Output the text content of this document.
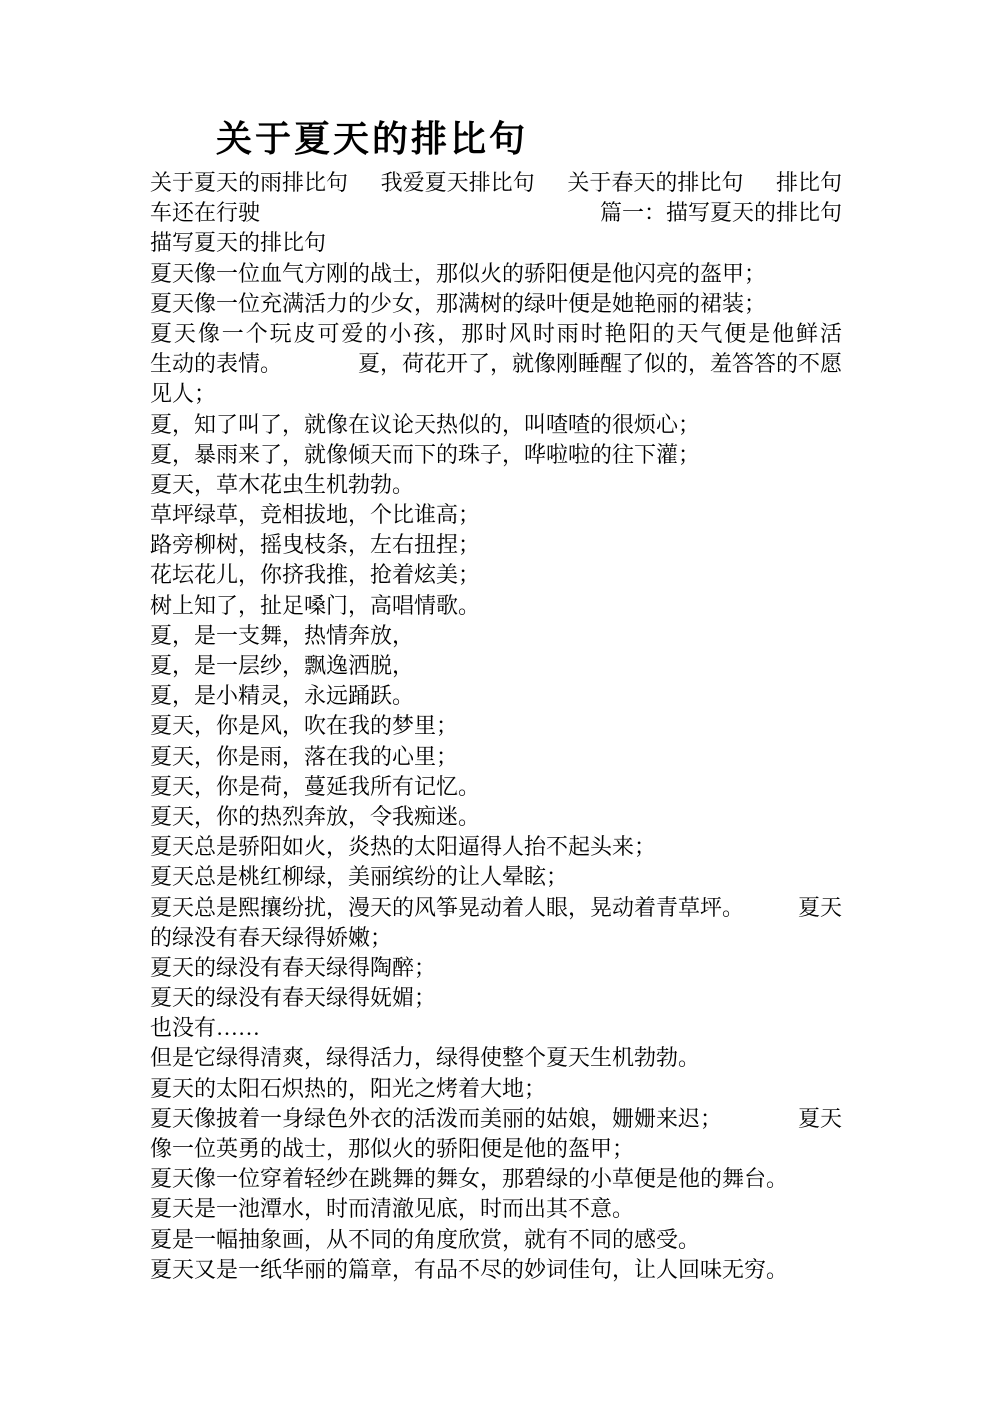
关于夏天的排比句
关于夏天的雨排比句 我爱夏天排比句 关于春天的排比句 排比句
车还在行驶	篇一：描写夏天的排比句
描写夏天的排比句
夏天像一位血气方刚的战士，那似火的骄阳便是他闪亮的盔甲；
夏天像一位充满活力的少女，那满树的绿叶便是她艳丽的裙装；
夏天像一个玩皮可爱的小孩，那时风时雨时艳阳的天气便是他鲜活
生动的表情。	夏，荷花开了，就像刚睡醒了似的，羞答答的不愿
见人；
夏，知了叫了，就像在议论天热似的，叫喳喳的很烦心；
夏，暴雨来了，就像倾天而下的珠子，哗啦啦的往下灌；
夏天，草木花虫生机勃勃。
草坪绿草，竞相拔地，个比谁高；
路旁柳树，摇曳枝条，左右扭捏；
花坛花儿，你挤我推，抢着炫美；
树上知了，扯足嗓门，高唱情歌。
夏，是一支舞，热情奔放，
夏，是一层纱，飘逸洒脱，
夏，是小精灵，永远踊跃。
夏天，你是风，吹在我的梦里；
夏天，你是雨，落在我的心里；
夏天，你是荷，蔓延我所有记忆。
夏天，你的热烈奔放，令我痴迷。
夏天总是骄阳如火，炎热的太阳逼得人抬不起头来；
夏天总是桃红柳绿，美丽缤纷的让人晕眩；
夏天总是熙攘纷扰，漫天的风筝晃动着人眼，晃动着青草坪。 夏天
的绿没有春天绿得娇嫩；
夏天的绿没有春天绿得陶醉；
夏天的绿没有春天绿得妩媚；
也没有……
但是它绿得清爽，绿得活力，绿得使整个夏天生机勃勃。
夏天的太阳石炽热的，阳光之烤着大地；
夏天像披着一身绿色外衣的活泼而美丽的姑娘，姗姗来迟；	夏天
像一位英勇的战士，那似火的骄阳便是他的盔甲；
夏天像一位穿着轻纱在跳舞的舞女，那碧绿的小草便是他的舞台。
夏天是一池潭水，时而清澈见底，时而出其不意。
夏是一幅抽象画，从不同的角度欣赏，就有不同的感受。
夏天又是一纸华丽的篇章，有品不尽的妙词佳句，让人回味无穷。
